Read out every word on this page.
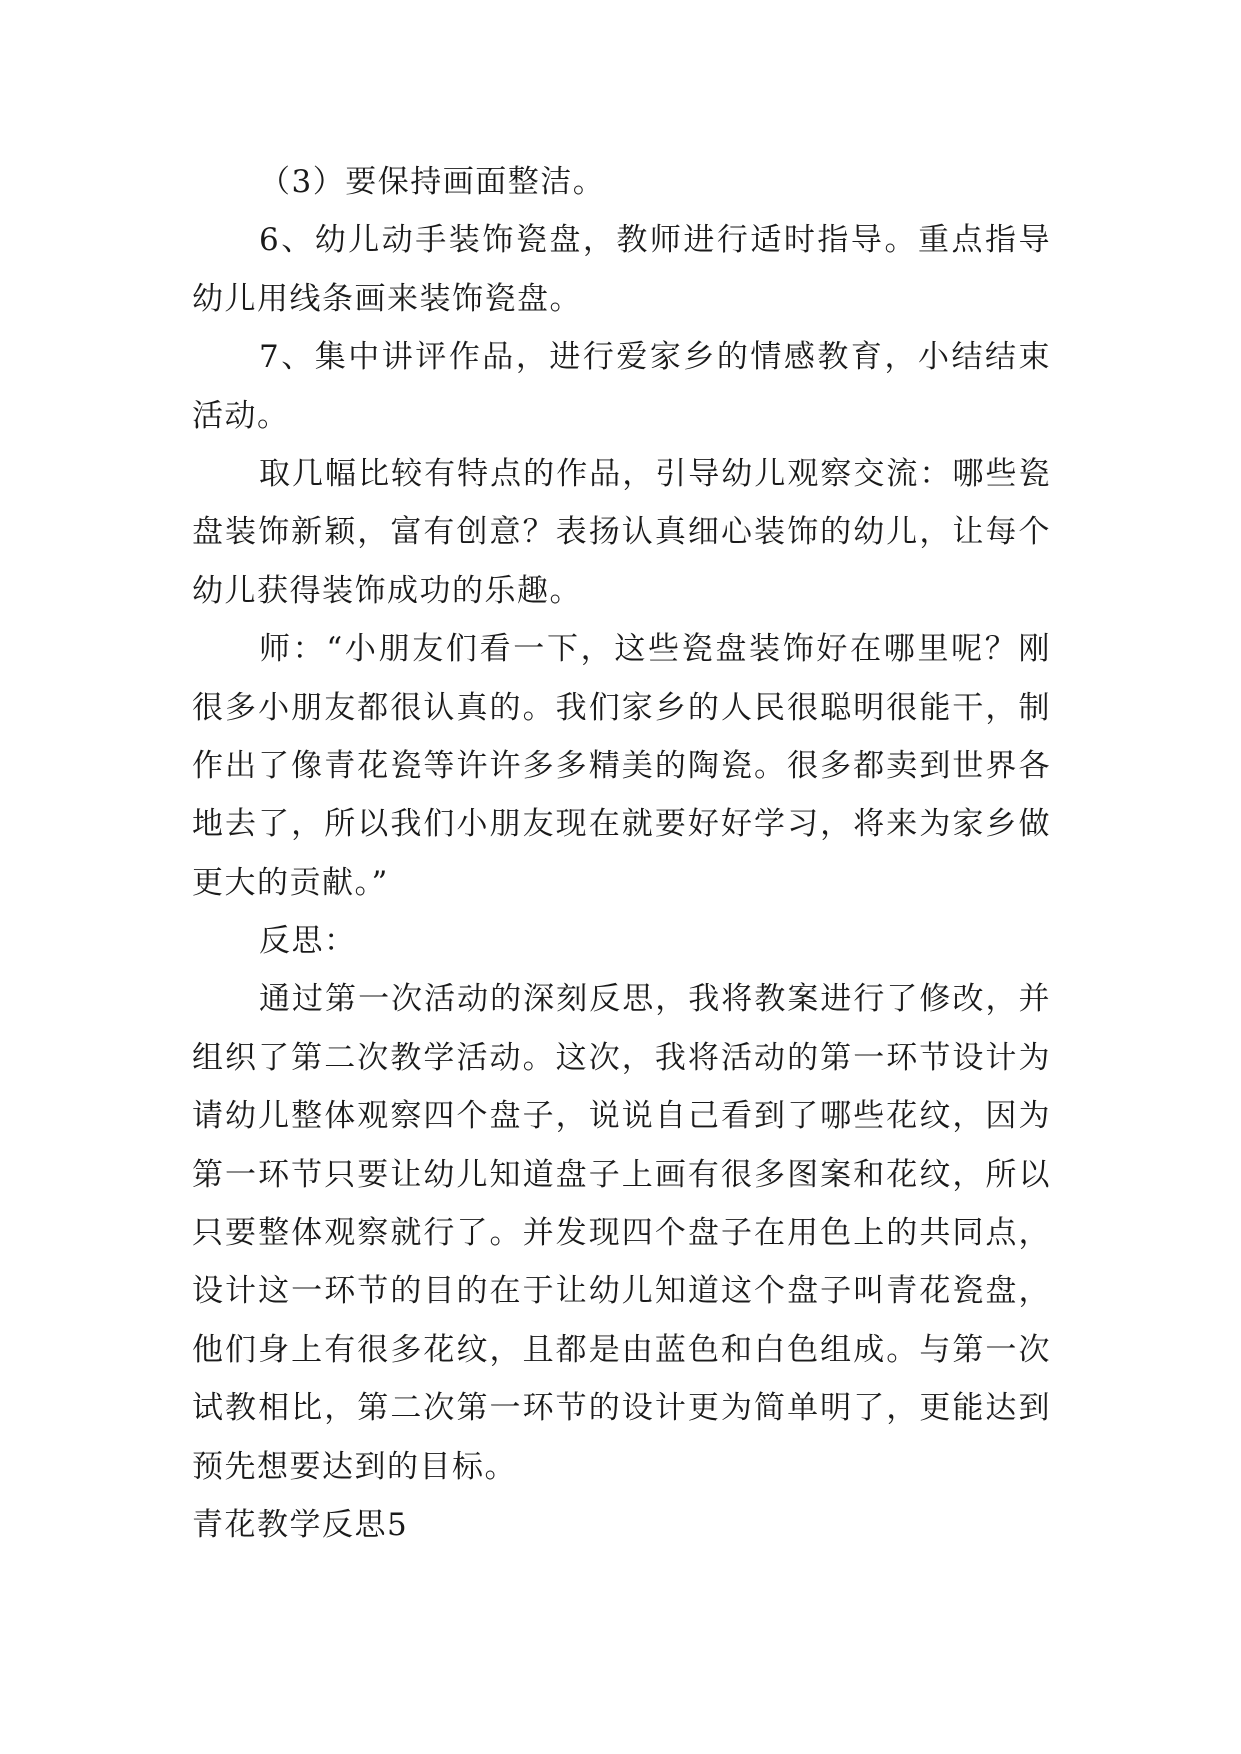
（3）要保持画面整洁。

6、幼儿动手装饰瓷盘，教师进行适时指导。重点指导
幼儿用线条画来装饰瓷盘。

7、集中讲评作品，进行爱家乡的情感教育，小结结束
活动。

取几幅比较有特点的作品，引导幼儿观察交流：哪些瓷
盘装饰新颖，富有创意？表扬认真细心装饰的幼儿，让每个
幼儿获得装饰成功的乐趣。

师：“小朋友们看一下，这些瓷盘装饰好在哪里呢？刚
很多小朋友都很认真的。我们家乡的人民很聪明很能干，制
作出了像青花瓷等许许多多精美的陶瓷。很多都卖到世界各
地去了，所以我们小朋友现在就要好好学习，将来为家乡做
更大的贡献。”

反思：

通过第一次活动的深刻反思，我将教案进行了修改，并
组织了第二次教学活动。这次，我将活动的第一环节设计为
请幼儿整体观察四个盘子，说说自己看到了哪些花纹，因为
第一环节只要让幼儿知道盘子上画有很多图案和花纹，所以
只要整体观察就行了。并发现四个盘子在用色上的共同点，
设计这一环节的目的在于让幼儿知道这个盘子叫青花瓷盘，
他们身上有很多花纹，且都是由蓝色和白色组成。与第一次
试教相比，第二次第一环节的设计更为简单明了，更能达到
预先想要达到的目标。

青花教学反思5
